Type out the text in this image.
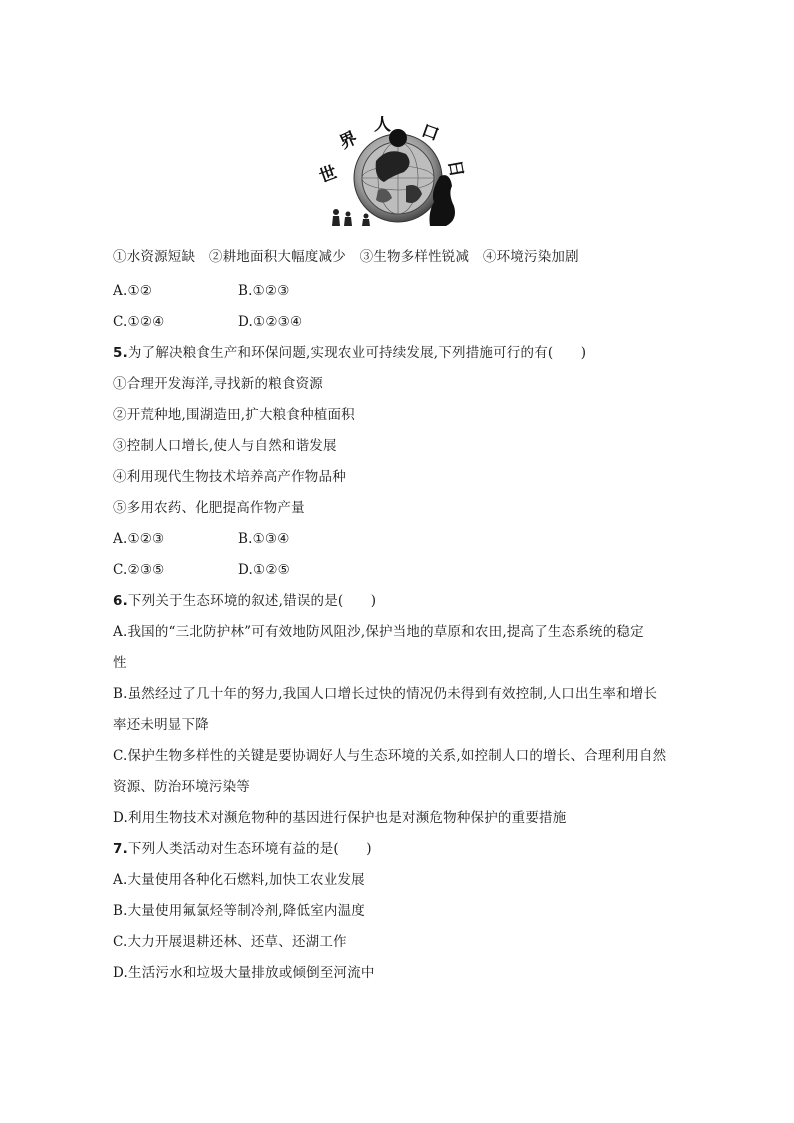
世
界
人 口
日
①水资源短缺　②耕地面积大幅度减少　③生物多样性锐减　④环境污染加剧
A.①②	B.①②③
C.①②④	D.①②③④
5.为了解决粮食生产和环保问题,实现农业可持续发展,下列措施可行的有(　　)
①合理开发海洋,寻找新的粮食资源
②开荒种地,围湖造田,扩大粮食种植面积
③控制人口增长,使人与自然和谐发展
④利用现代生物技术培养高产作物品种
⑤多用农药、化肥提高作物产量
A.①②③	B.①③④
C.②③⑤	D.①②⑤
6.下列关于生态环境的叙述,错误的是(　　)
A.我国的“三北防护林”可有效地防风阻沙,保护当地的草原和农田,提高了生态系统的稳定
性
B.虽然经过了几十年的努力,我国人口增长过快的情况仍未得到有效控制,人口出生率和增长
率还未明显下降
C.保护生物多样性的关键是要协调好人与生态环境的关系,如控制人口的增长、合理利用自然
资源、防治环境污染等
D.利用生物技术对濒危物种的基因进行保护也是对濒危物种保护的重要措施
7.下列人类活动对生态环境有益的是(　　)
A.大量使用各种化石燃料,加快工农业发展
B.大量使用氟氯烃等制冷剂,降低室内温度
C.大力开展退耕还林、还草、还湖工作
D.生活污水和垃圾大量排放或倾倒至河流中
